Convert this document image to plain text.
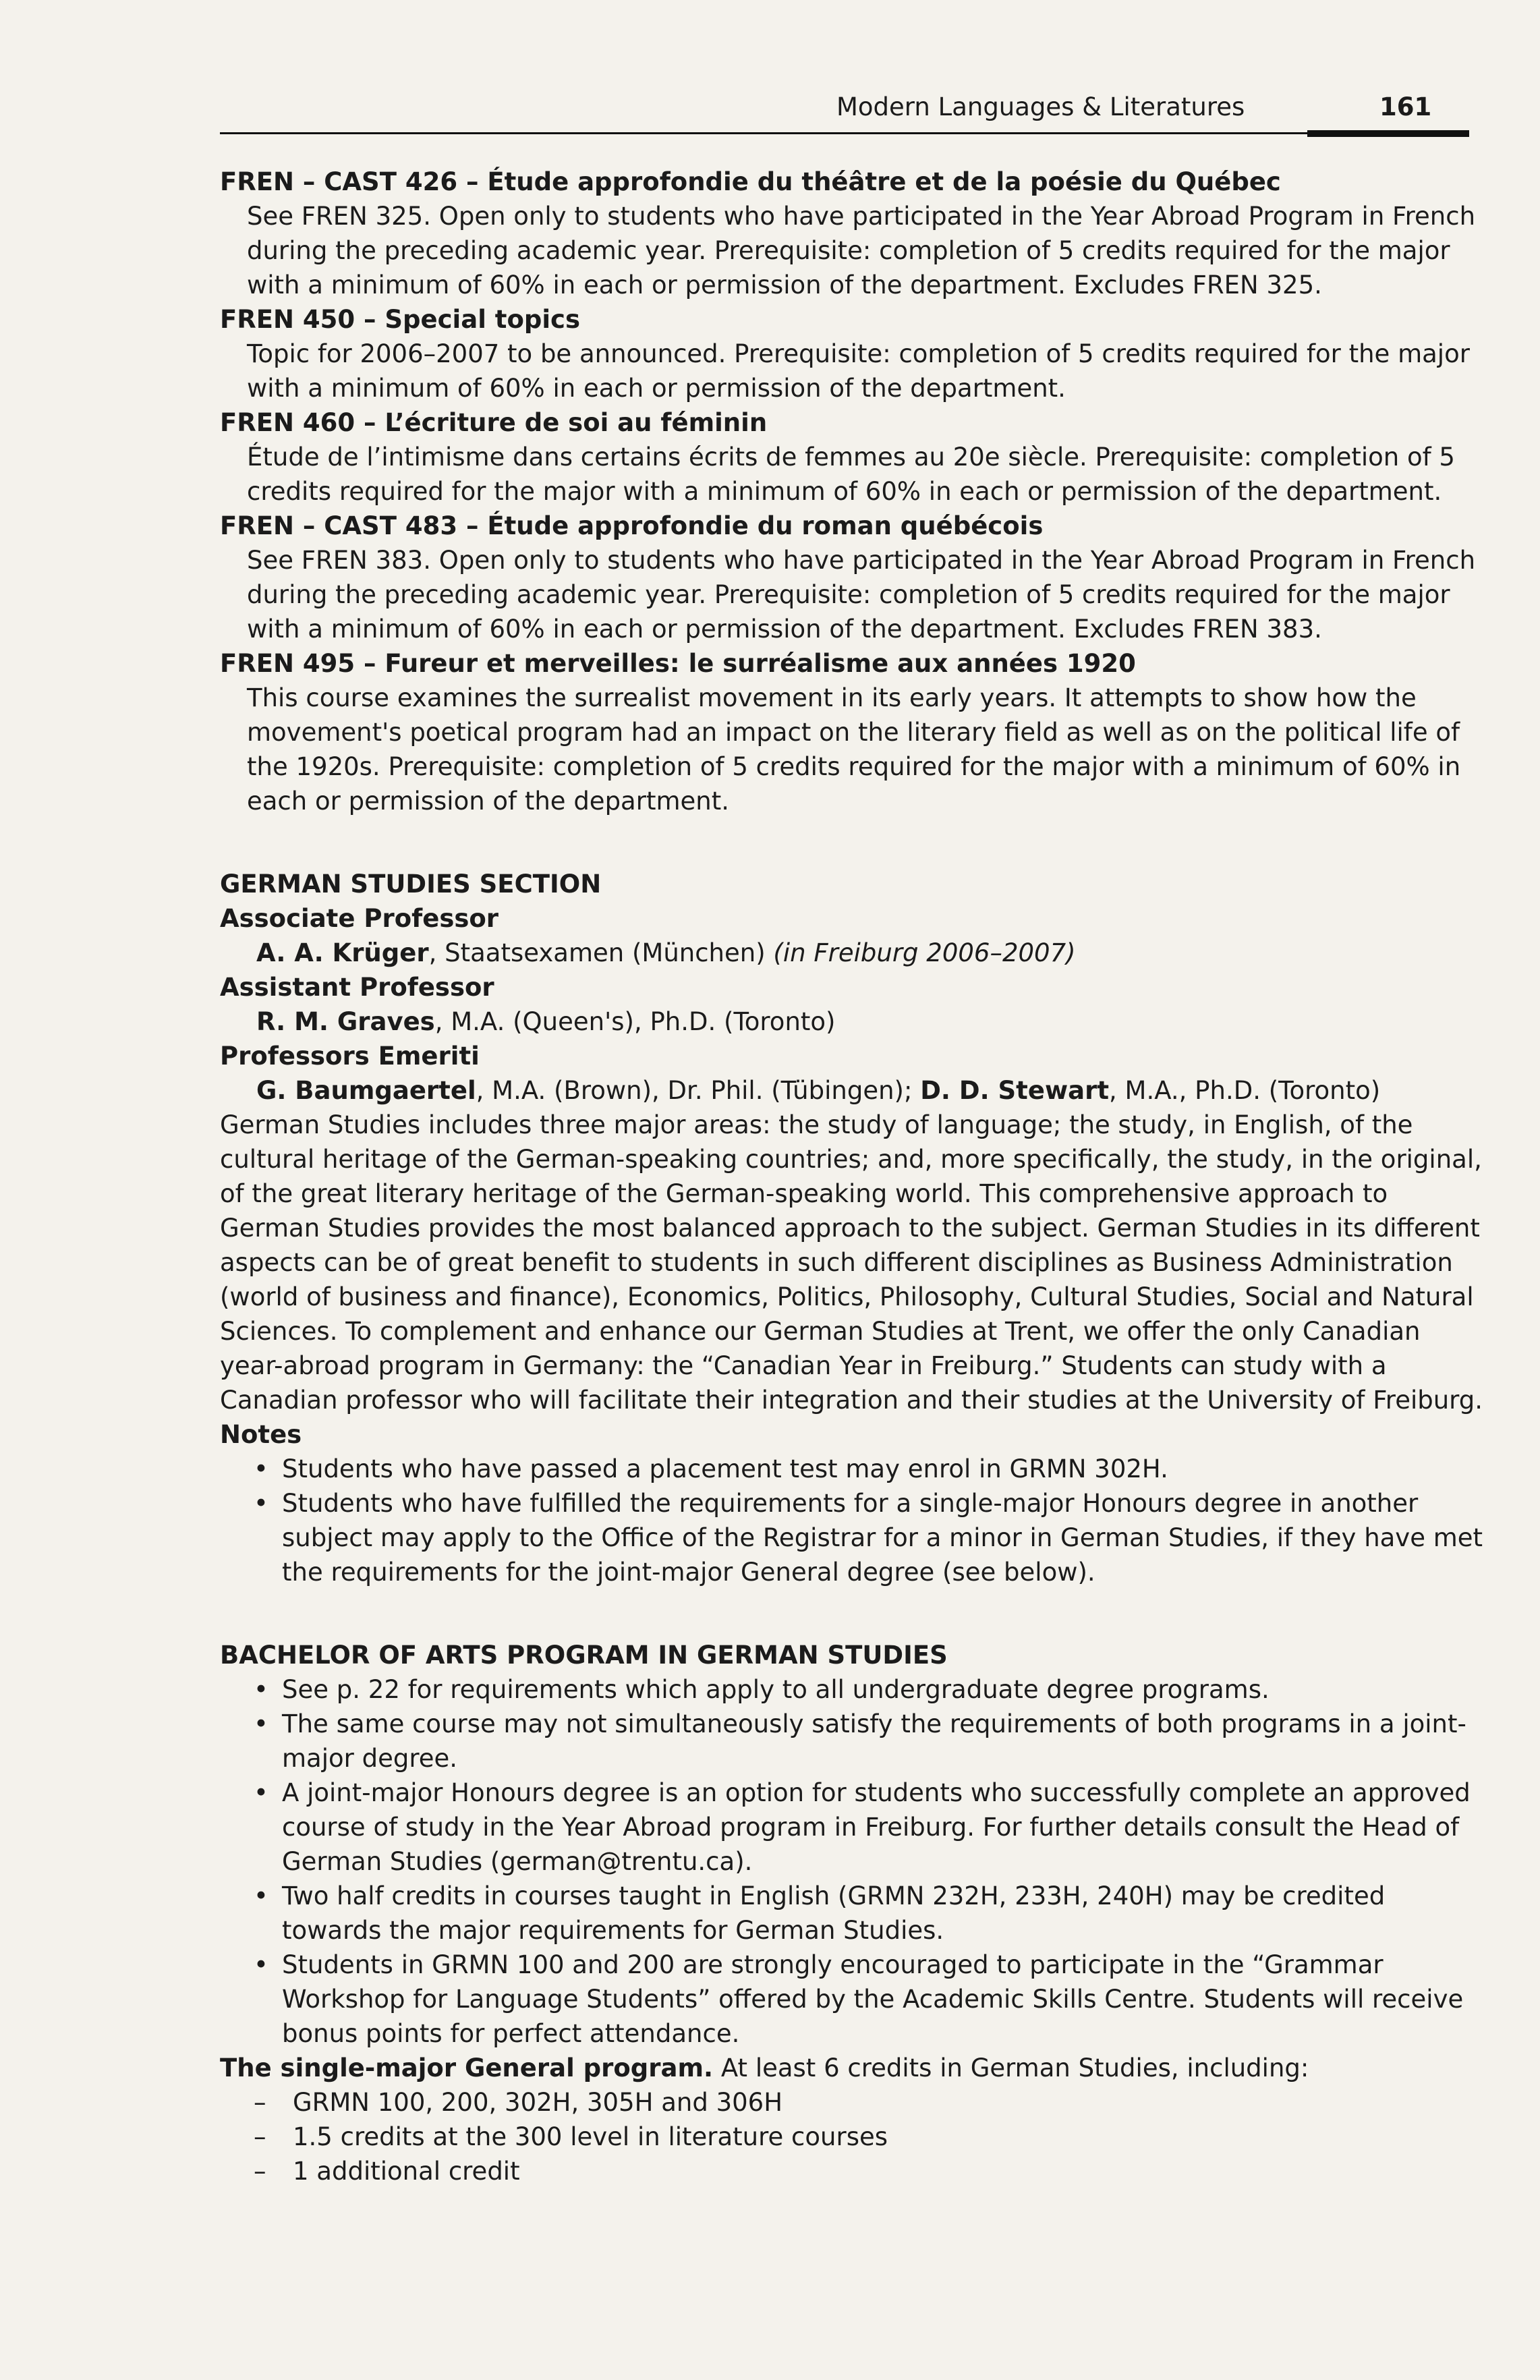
Modern Languages & Literatures	161

FREN – CAST 426 – Étude approfondie du théâtre et de la poésie du Québec

See FREN 325. Open only to students who have participated in the Year Abroad Program in French during the preceding academic year. Prerequisite: completion of 5 credits required for the major with a minimum of 60% in each or permission of the department. Excludes FREN 325.

FREN 450 – Special topics

Topic for 2006–2007 to be announced. Prerequisite: completion of 5 credits required for the major with a minimum of 60% in each or permission of the department.

FREN 460 – L’écriture de soi au féminin

Étude de l’intimisme dans certains écrits de femmes au 20e siècle. Prerequisite: completion of 5 credits required for the major with a minimum of 60% in each or permission of the department.

FREN – CAST 483 – Étude approfondie du roman québécois

See FREN 383. Open only to students who have participated in the Year Abroad Program in French during the preceding academic year. Prerequisite: completion of 5 credits required for the major with a minimum of 60% in each or permission of the department. Excludes FREN 383.

FREN 495 – Fureur et merveilles: le surréalisme aux années 1920

This course examines the surrealist movement in its early years. It attempts to show how the movement's poetical program had an impact on the literary field as well as on the political life of the 1920s. Prerequisite: completion of 5 credits required for the major with a minimum of 60% in each or permission of the department.

GERMAN STUDIES SECTION

Associate Professor

A. A. Krüger, Staatsexamen (München) (in Freiburg 2006–2007)

Assistant Professor

R. M. Graves, M.A. (Queen's), Ph.D. (Toronto)

Professors Emeriti

G. Baumgaertel, M.A. (Brown), Dr. Phil. (Tübingen); D. D. Stewart, M.A., Ph.D. (Toronto)

German Studies includes three major areas: the study of language; the study, in English, of the cultural heritage of the German-speaking countries; and, more specifically, the study, in the original, of the great literary heritage of the German-speaking world. This comprehensive approach to German Studies provides the most balanced approach to the subject. German Studies in its different aspects can be of great benefit to students in such different disciplines as Business Administration (world of business and finance), Economics, Politics, Philosophy, Cultural Studies, Social and Natural Sciences. To complement and enhance our German Studies at Trent, we offer the only Canadian year-abroad program in Germany: the “Canadian Year in Freiburg.” Students can study with a Canadian professor who will facilitate their integration and their studies at the University of Freiburg.

Notes

• Students who have passed a placement test may enrol in GRMN 302H.
• Students who have fulfilled the requirements for a single-major Honours degree in another subject may apply to the Office of the Registrar for a minor in German Studies, if they have met the requirements for the joint-major General degree (see below).

BACHELOR OF ARTS PROGRAM IN GERMAN STUDIES

• See p. 22 for requirements which apply to all undergraduate degree programs.
• The same course may not simultaneously satisfy the requirements of both programs in a joint-major degree.
• A joint-major Honours degree is an option for students who successfully complete an approved course of study in the Year Abroad program in Freiburg. For further details consult the Head of German Studies (german@trentu.ca).
• Two half credits in courses taught in English (GRMN 232H, 233H, 240H) may be credited towards the major requirements for German Studies.
• Students in GRMN 100 and 200 are strongly encouraged to participate in the “Grammar Workshop for Language Students” offered by the Academic Skills Centre. Students will receive bonus points for perfect attendance.

The single-major General program. At least 6 credits in German Studies, including:

– GRMN 100, 200, 302H, 305H and 306H
– 1.5 credits at the 300 level in literature courses
– 1 additional credit
